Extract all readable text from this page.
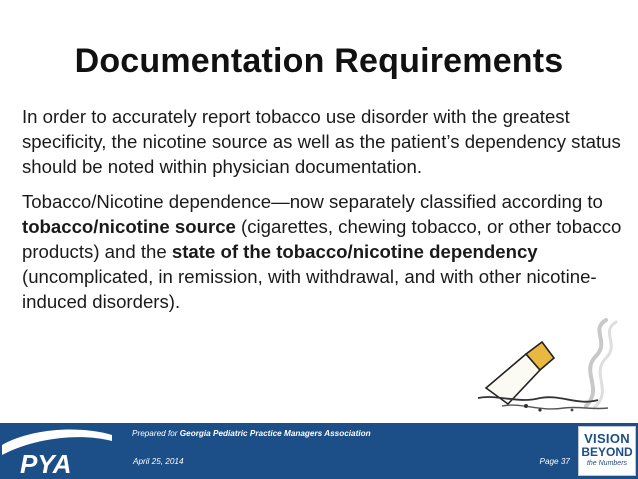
Documentation Requirements

In order to accurately report tobacco use disorder with the greatest specificity, the nicotine source as well as the patient’s dependency status should be noted within physician documentation.

Tobacco/Nicotine dependence—now separately classified according to tobacco/nicotine source (cigarettes, chewing tobacco, or other tobacco products) and the state of the tobacco/nicotine dependency (uncomplicated, in remission, with withdrawal, and with other nicotine-induced disorders).

PYA
Prepared for Georgia Pediatric Practice Managers Association
April 25, 2014	Page 37
VISION
BEYOND
the Numbers
